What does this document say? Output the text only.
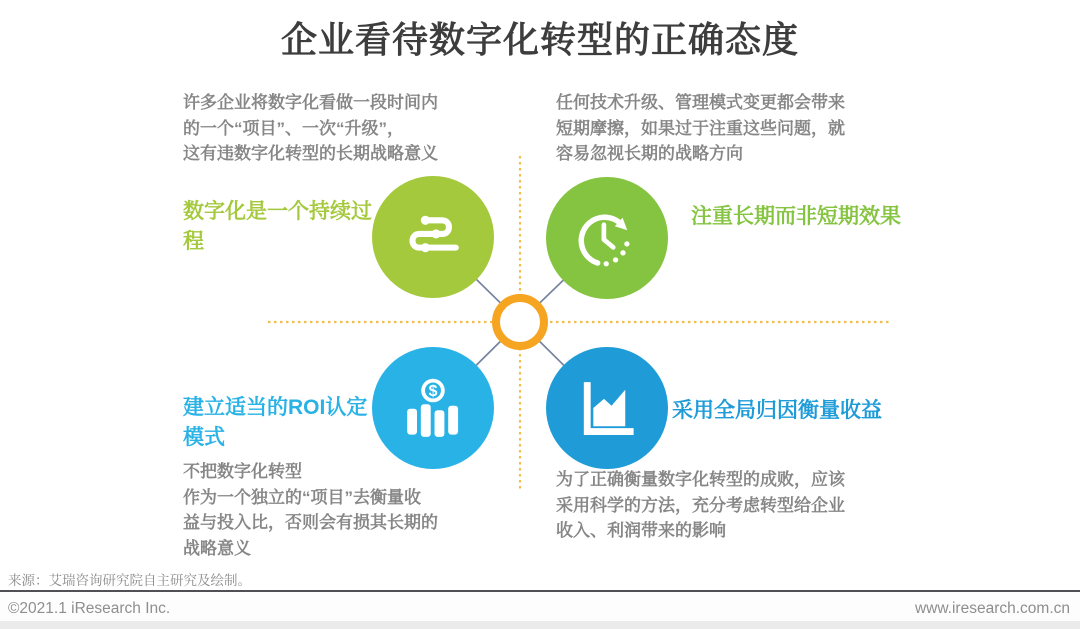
企业看待数字化转型的正确态度
$

许多企业将数字化看做一段时间内
的一个“项目”、一次“升级”，
这有违数字化转型的长期战略意义

任何技术升级、管理模式变更都会带来
短期摩擦，如果过于注重这些问题，就
容易忽视长期的战略方向

不把数字化转型
作为一个独立的“项目”去衡量收
益与投入比，否则会有损其长期的
战略意义

为了正确衡量数字化转型的成败，应该
采用科学的方法，充分考虑转型给企业
收入、利润带来的影响

数字化是一个持续过程
注重长期而非短期效果
建立适当的ROI认定模式
采用全局归因衡量收益
来源：艾瑞咨询研究院自主研究及绘制。
©2021.1 iResearch Inc.	www.iresearch.com.cn
